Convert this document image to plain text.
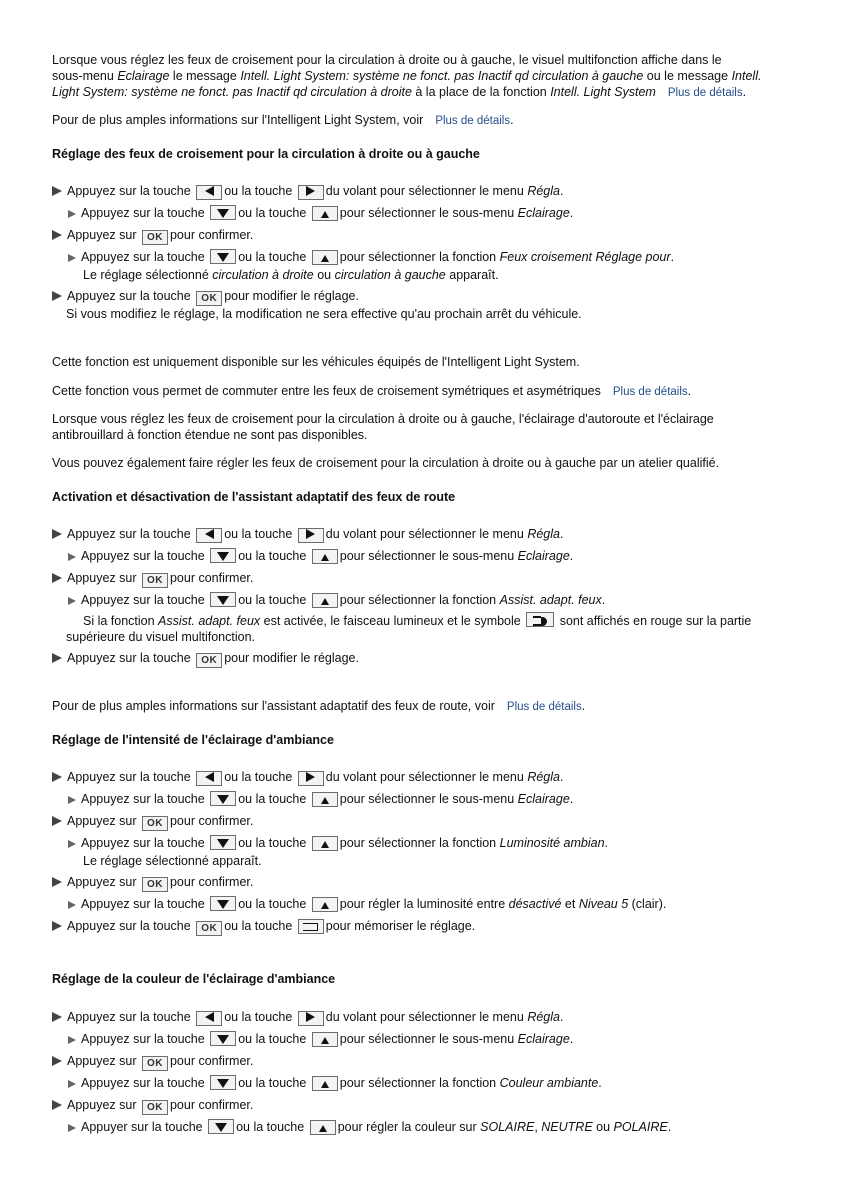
Lorsque vous réglez les feux de croisement pour la circulation à droite ou à gauche, le visuel multifonction affiche dans le
sous-menu Eclairage le message Intell. Light System: système ne fonct. pas Inactif qd circulation à gauche ou le message Intell.
Light System: système ne fonct. pas Inactif qd circulation à droite à la place de la fonction Intell. Light System Plus de détails.
Pour de plus amples informations sur l'Intelligent Light System, voir Plus de détails.
Réglage des feux de croisement pour la circulation à droite ou à gauche
Appuyez sur la touche	ou la touche	du volant pour sélectionner le menu Régla.
Appuyez sur la touche	ou la touche	pour sélectionner le sous-menu Eclairage.
Appuyez sur OK pour confirmer.
Appuyez sur la touche	ou la touche	pour sélectionner la fonction Feux croisement Réglage pour.
Le réglage sélectionné circulation à droite ou circulation à gauche apparaît.
Appuyez sur la touche OK pour modifier le réglage.
Si vous modifiez le réglage, la modification ne sera effective qu'au prochain arrêt du véhicule.
Cette fonction est uniquement disponible sur les véhicules équipés de l'Intelligent Light System.
Cette fonction vous permet de commuter entre les feux de croisement symétriques et asymétriques Plus de détails.
Lorsque vous réglez les feux de croisement pour la circulation à droite ou à gauche, l'éclairage d'autoroute et l'éclairage
antibrouillard à fonction étendue ne sont pas disponibles.
Vous pouvez également faire régler les feux de croisement pour la circulation à droite ou à gauche par un atelier qualifié.
Activation et désactivation de l'assistant adaptatif des feux de route
Appuyez sur la touche	ou la touche	du volant pour sélectionner le menu Régla.
Appuyez sur la touche	ou la touche	pour sélectionner le sous-menu Eclairage.
Appuyez sur OK pour confirmer.
Appuyez sur la touche	ou la touche	pour sélectionner la fonction Assist. adapt. feux.
Si la fonction Assist. adapt. feux est activée, le faisceau lumineux et le symbole	sont affichés en rouge sur la partie
supérieure du visuel multifonction.
Appuyez sur la touche OK pour modifier le réglage.
Pour de plus amples informations sur l'assistant adaptatif des feux de route, voir Plus de détails.
Réglage de l'intensité de l'éclairage d'ambiance
Appuyez sur la touche	ou la touche	du volant pour sélectionner le menu Régla.
Appuyez sur la touche	ou la touche	pour sélectionner le sous-menu Eclairage.
Appuyez sur OK pour confirmer.
Appuyez sur la touche	ou la touche	pour sélectionner la fonction Luminosité ambian.
Le réglage sélectionné apparaît.
Appuyez sur OK pour confirmer.
Appuyez sur la touche	ou la touche	pour régler la luminosité entre désactivé et Niveau 5 (clair).
Appuyez sur la touche OK ou la touche	pour mémoriser le réglage.
Réglage de la couleur de l'éclairage d'ambiance
Appuyez sur la touche	ou la touche	du volant pour sélectionner le menu Régla.
Appuyez sur la touche	ou la touche	pour sélectionner le sous-menu Eclairage.
Appuyez sur OK pour confirmer.
Appuyez sur la touche	ou la touche	pour sélectionner la fonction Couleur ambiante.
Appuyez sur OK pour confirmer.
Appuyer sur la touche	ou la touche	pour régler la couleur sur SOLAIRE, NEUTRE ou POLAIRE.
